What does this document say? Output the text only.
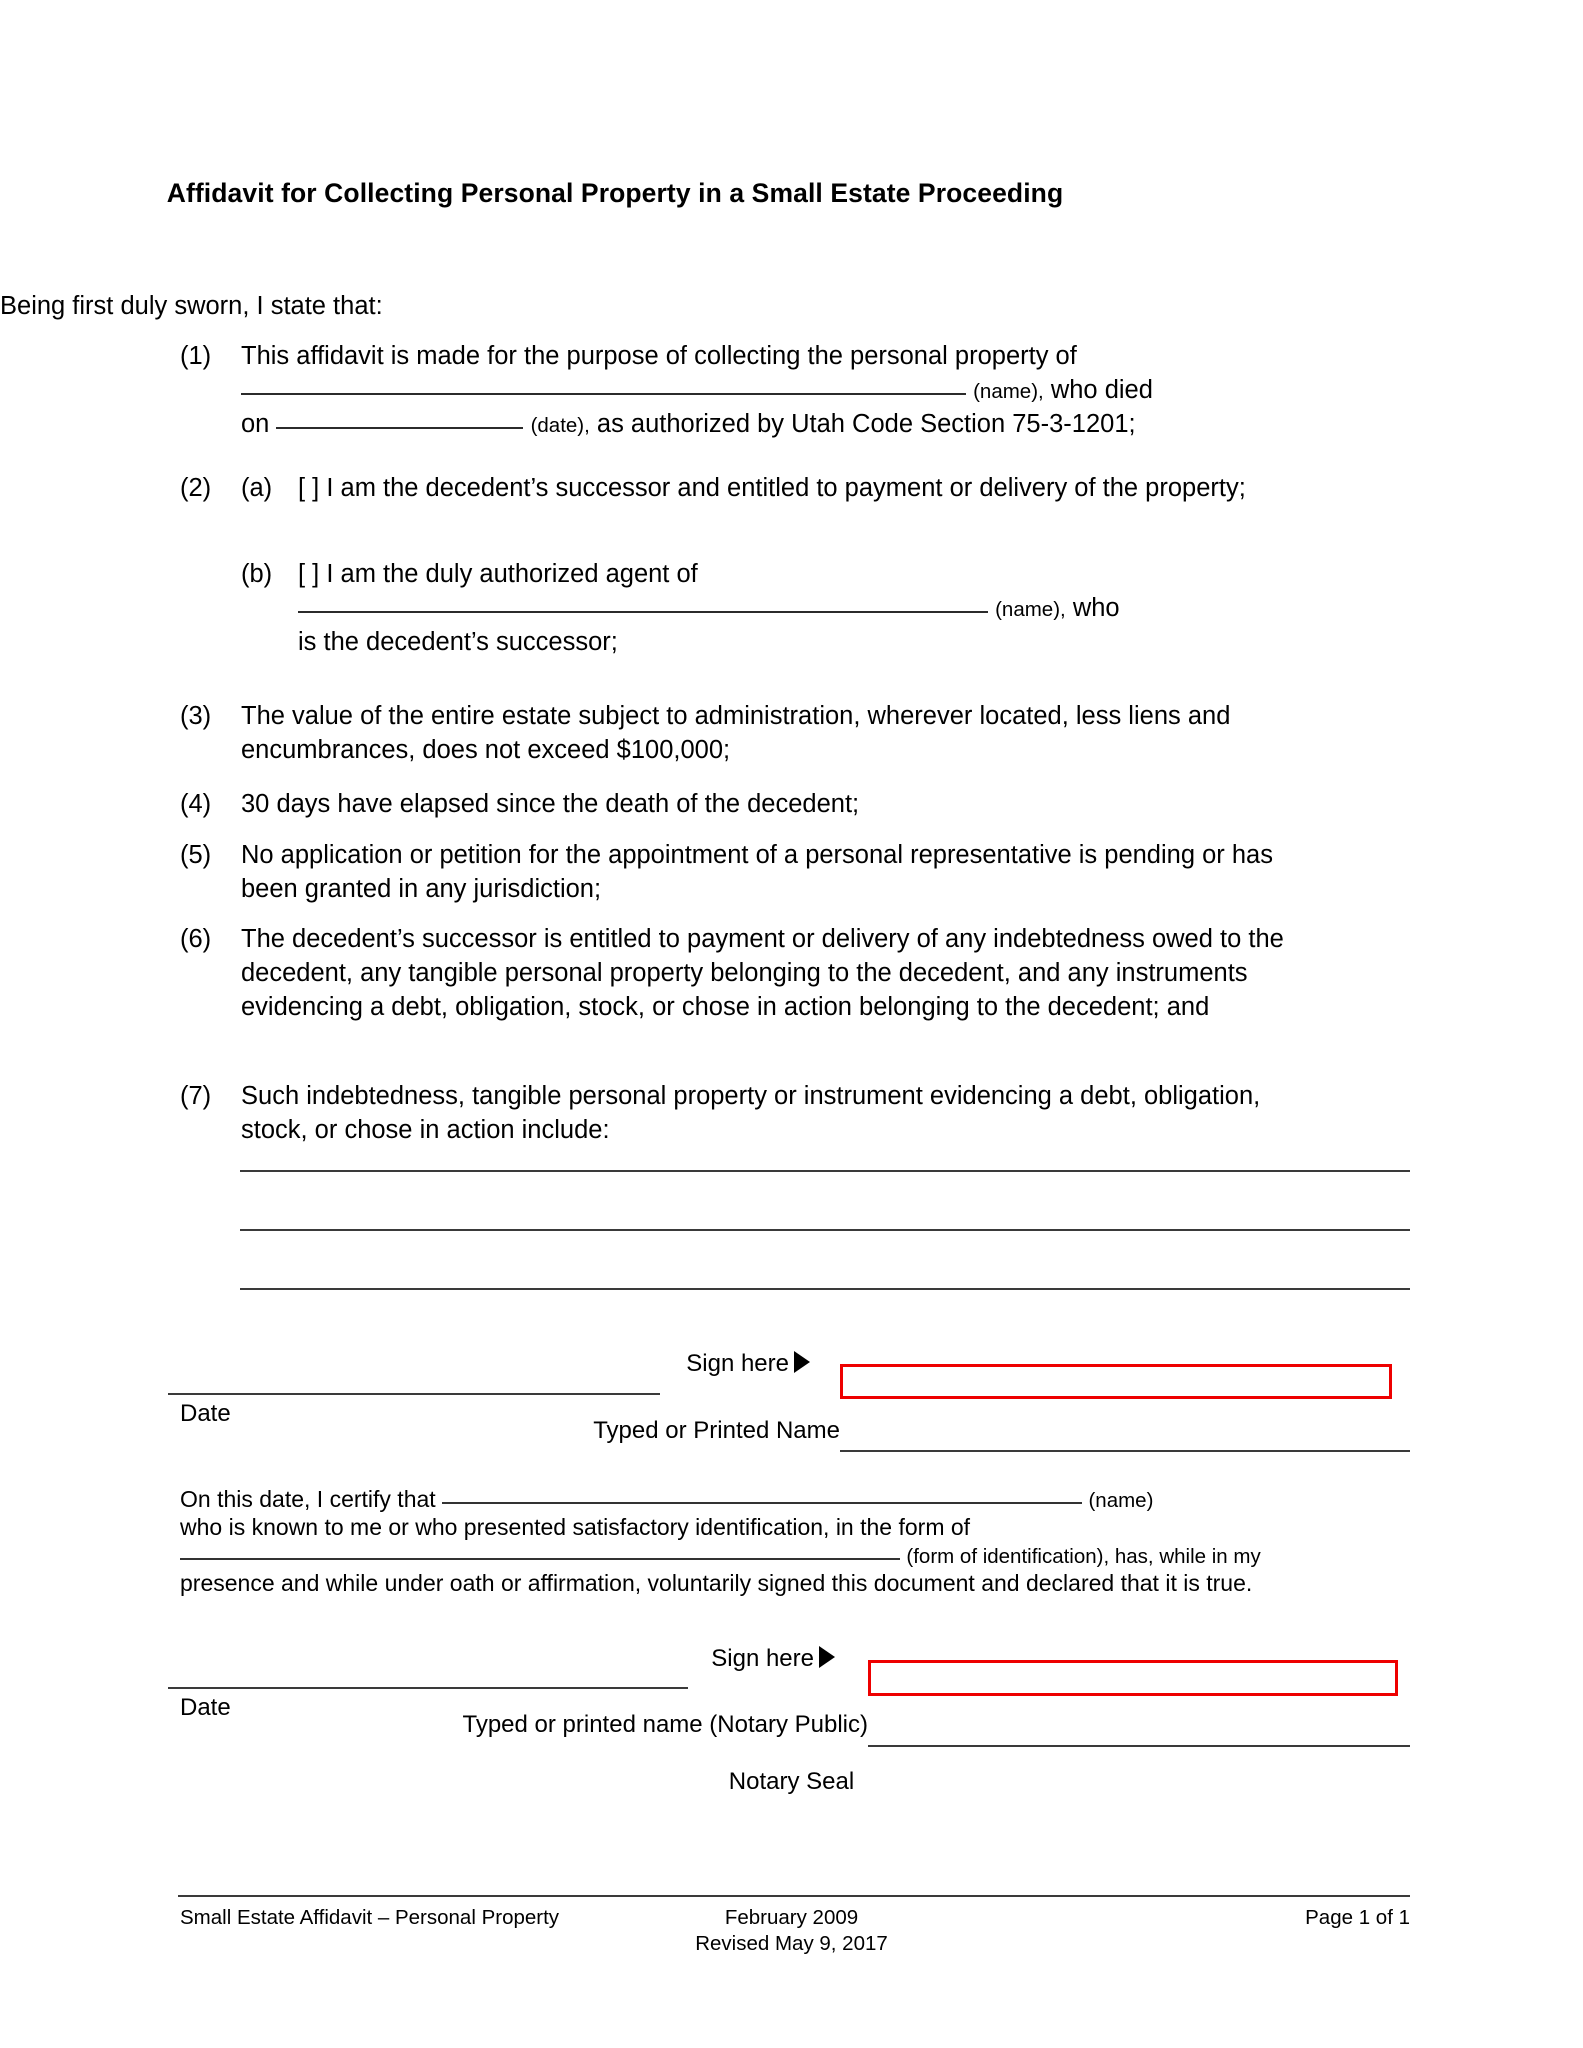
Affidavit for Collecting Personal Property in a Small Estate Proceeding
Being first duly sworn, I state that:
(1)	This affidavit is made for the purpose of collecting the personal property of
(name), who died
on	(date), as authorized by Utah Code Section 75-3-1201;
(2)	(a)	[ ] I am the decedent’s successor and entitled to payment or delivery of the property;
(b)	[ ] I am the duly authorized agent of
(name), who
is the decedent’s successor;
(3)	The value of the entire estate subject to administration, wherever located, less liens and encumbrances, does not exceed $100,000;
(4)	30 days have elapsed since the death of the decedent;
(5)	No application or petition for the appointment of a personal representative is pending or has been granted in any jurisdiction;
(6)	The decedent’s successor is entitled to payment or delivery of any indebtedness owed to the decedent, any tangible personal property belonging to the decedent, and any instruments evidencing a debt, obligation, stock, or chose in action belonging to the decedent; and
(7)	Such indebtedness, tangible personal property or instrument evidencing a debt, obligation, stock, or chose in action include:
Date
Sign here
Typed or Printed Name
On this date, I certify that	(name)
who is known to me or who presented satisfactory identification, in the form of
(form of identification), has, while in my
presence and while under oath or affirmation, voluntarily signed this document and declared that it is true.
Date
Sign here
Typed or printed name (Notary Public)
Notary Seal
Small Estate Affidavit – Personal Property	February 2009
Revised May 9, 2017
Page 1 of 1
